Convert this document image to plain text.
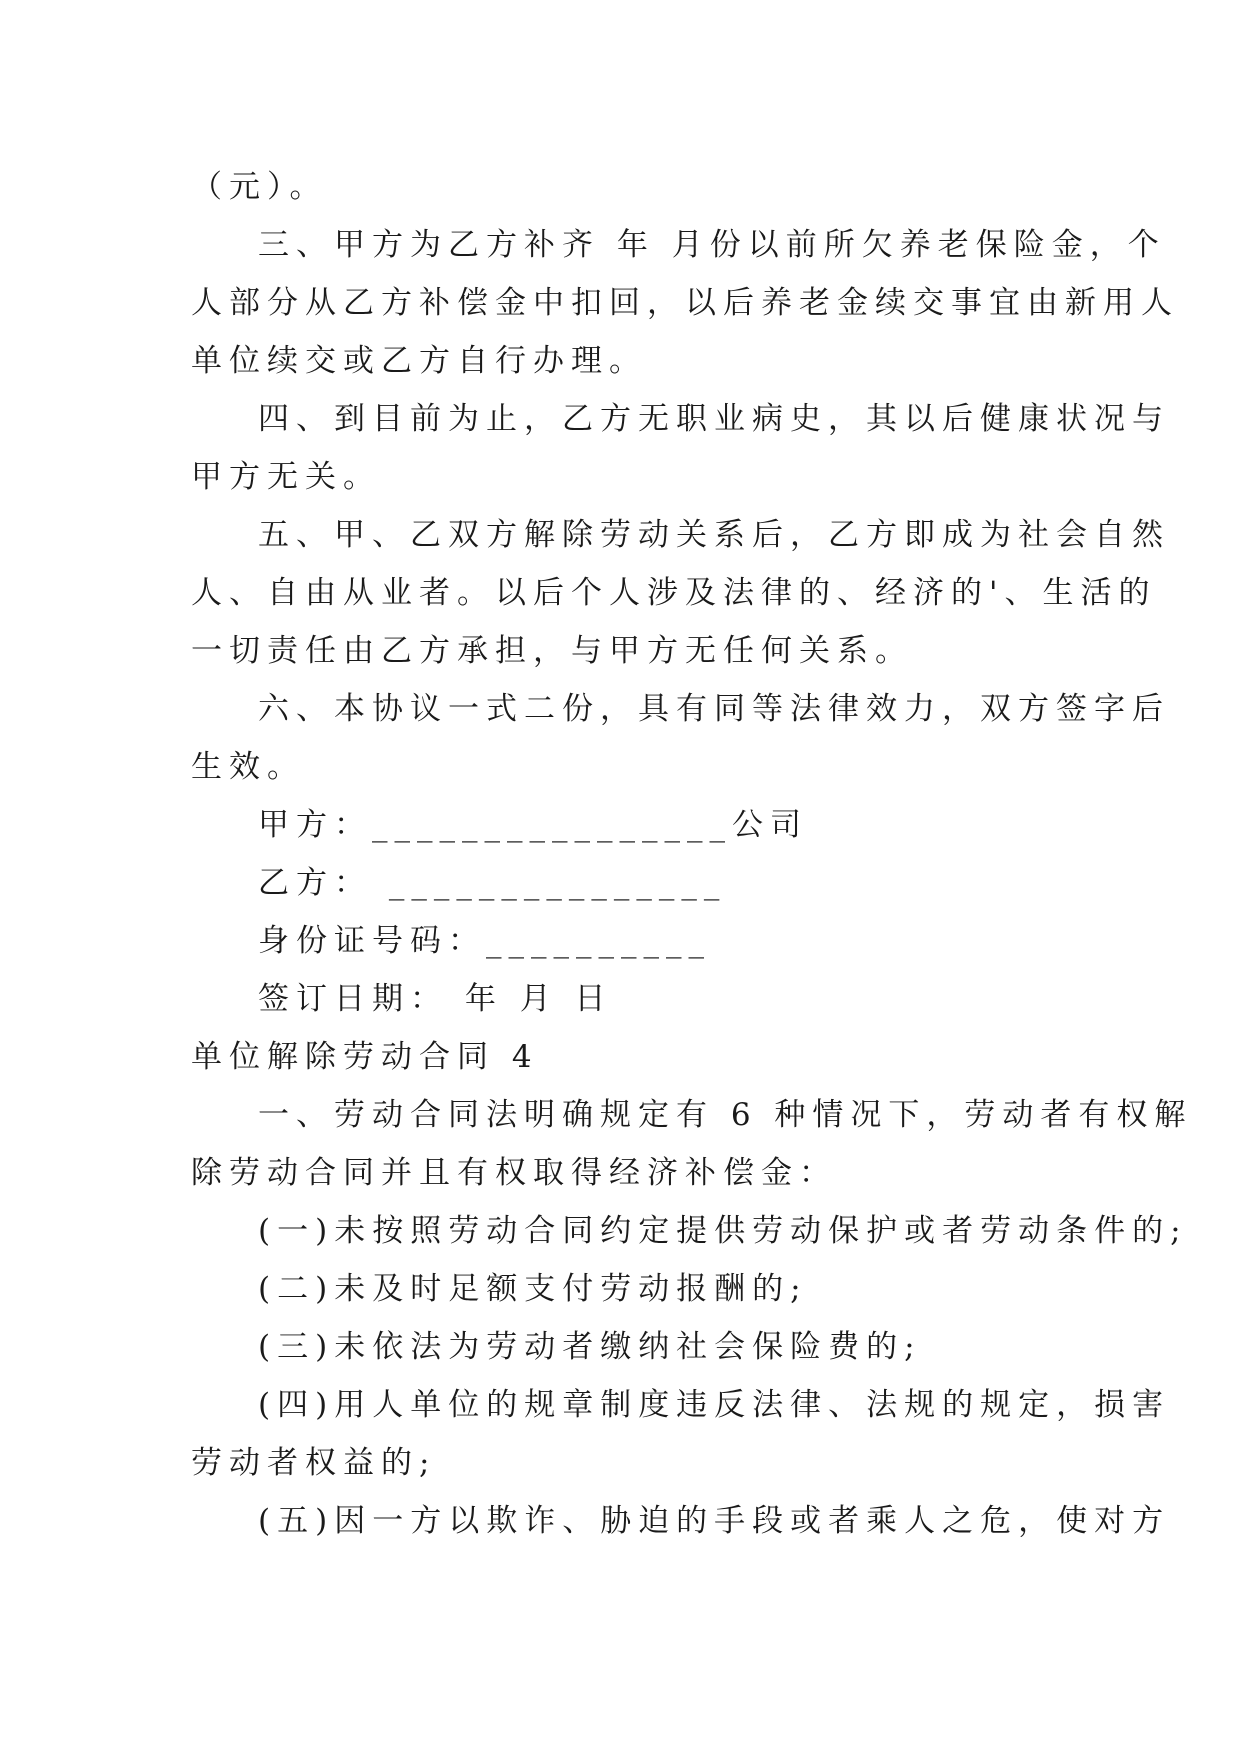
（元）。

三、甲方为乙方补齐 年 月份以前所欠养老保险金，个

人部分从乙方补偿金中扣回，以后养老金续交事宜由新用人

单位续交或乙方自行办理。

四、到目前为止，乙方无职业病史，其以后健康状况与

甲方无关。

五、甲、乙双方解除劳动关系后，乙方即成为社会自然

人、自由从业者。以后个人涉及法律的、经济的'、生活的

一切责任由乙方承担，与甲方无任何关系。

六、本协议一式二份，具有同等法律效力，双方签字后

生效。

甲方：________________公司

乙方： _______________

身份证号码：__________

签订日期： 年 月 日

单位解除劳动合同 4

一、劳动合同法明确规定有 6 种情况下，劳动者有权解

除劳动合同并且有权取得经济补偿金：

(一)未按照劳动合同约定提供劳动保护或者劳动条件的;

(二)未及时足额支付劳动报酬的;

(三)未依法为劳动者缴纳社会保险费的;

(四)用人单位的规章制度违反法律、法规的规定，损害

劳动者权益的;

(五)因一方以欺诈、胁迫的手段或者乘人之危，使对方
